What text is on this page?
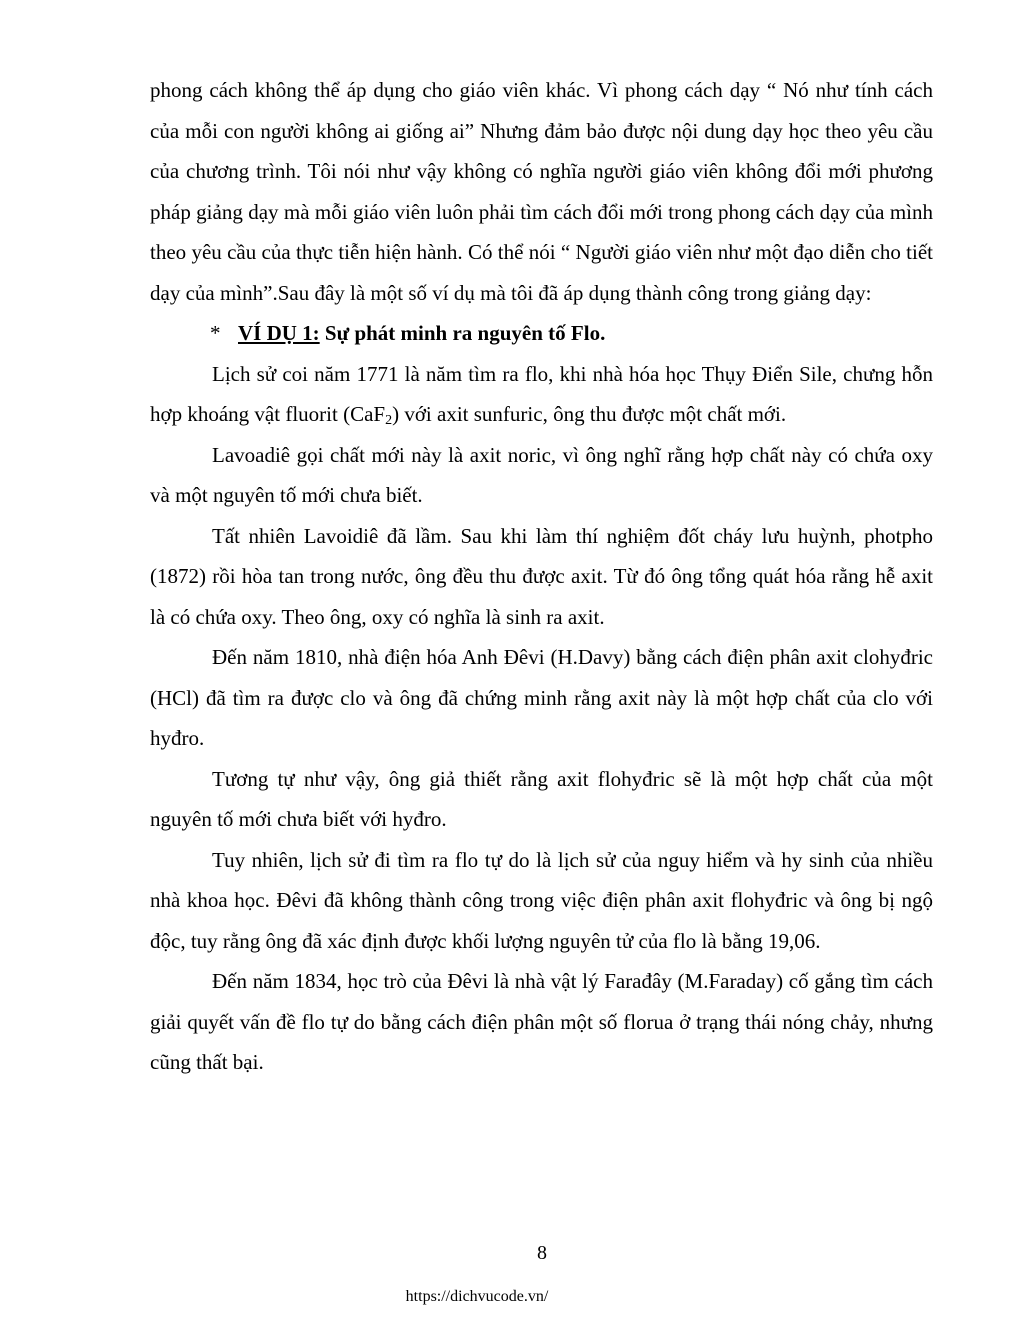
phong cách không thể áp dụng cho giáo viên khác. Vì phong cách dạy “ Nó như tính cách của mỗi con người không ai giống ai” Nhưng đảm bảo được nội dung dạy học theo yêu cầu của chương trình. Tôi nói như vậy không có nghĩa người giáo viên không đổi mới phương pháp giảng dạy mà mỗi giáo viên luôn phải tìm cách đổi mới trong phong cách dạy của mình theo yêu cầu của thực tiễn hiện hành. Có thể nói “ Người giáo viên như một đạo diễn cho tiết dạy của mình”.Sau đây là một số ví dụ mà tôi đã áp dụng thành công trong giảng dạy:

* VÍ DỤ 1: Sự phát minh ra nguyên tố Flo.

Lịch sử coi năm 1771 là năm tìm ra flo, khi nhà hóa học Thụy Điển Sile, chưng hỗn hợp khoáng vật fluorit (CaF$_2$) với axit sunfuric, ông thu được một chất mới.

Lavoadiê gọi chất mới này là axit noric, vì ông nghĩ rằng hợp chất này có chứa oxy và một nguyên tố mới chưa biết.

Tất nhiên Lavoidiê đã lầm. Sau khi làm thí nghiệm đốt cháy lưu huỳnh, photpho (1872) rồi hòa tan trong nước, ông đều thu được axit. Từ đó ông tổng quát hóa rằng hễ axit là có chứa oxy. Theo ông, oxy có nghĩa là sinh ra axit.

Đến năm 1810, nhà điện hóa Anh Đêvi (H.Davy) bằng cách điện phân axit clohyđric (HCl) đã tìm ra được clo và ông đã chứng minh rằng axit này là một hợp chất của clo với hyđro.

Tương tự như vậy, ông giả thiết rằng axit flohyđric sẽ là một hợp chất của một nguyên tố mới chưa biết với hyđro.

Tuy nhiên, lịch sử đi tìm ra flo tự do là lịch sử của nguy hiểm và hy sinh của nhiều nhà khoa học. Đêvi đã không thành công trong việc điện phân axit flohyđric và ông bị ngộ độc, tuy rằng ông đã xác định được khối lượng nguyên tử của flo là bằng 19,06.

Đến năm 1834, học trò của Đêvi là nhà vật lý Farađây (M.Faraday) cố gắng tìm cách giải quyết vấn đề flo tự do bằng cách điện phân một số florua ở trạng thái nóng chảy, nhưng cũng thất bại.

8
https://dichvucode.vn/
